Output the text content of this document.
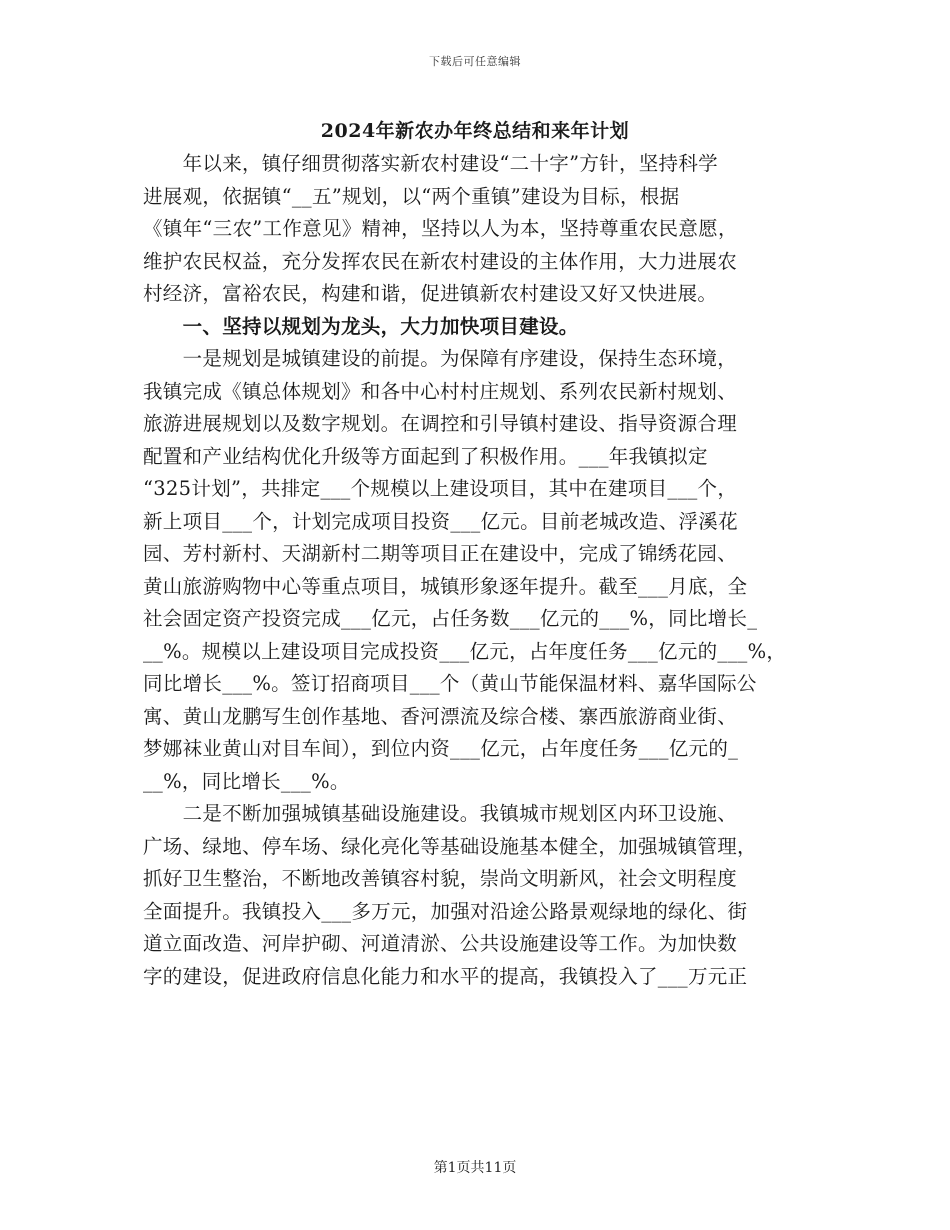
下载后可任意编辑
2024年新农办年终总结和来年计划
　　年以来，镇仔细贯彻落实新农村建设“二十字”方针，坚持科学
进展观，依据镇“__五”规划，以“两个重镇”建设为目标，根据
《镇年“三农”工作意见》精神，坚持以人为本，坚持尊重农民意愿，
维护农民权益，充分发挥农民在新农村建设的主体作用，大力进展农
村经济，富裕农民，构建和谐，促进镇新农村建设又好又快进展。
　　一、坚持以规划为龙头，大力加快项目建设。
　　一是规划是城镇建设的前提。为保障有序建设，保持生态环境，
我镇完成《镇总体规划》和各中心村村庄规划、系列农民新村规划、
旅游进展规划以及数字规划。在调控和引导镇村建设、指导资源合理
配置和产业结构优化升级等方面起到了积极作用。___年我镇拟定
“325计划”，共排定___个规模以上建设项目，其中在建项目___个，
新上项目___个，计划完成项目投资___亿元。目前老城改造、浮溪花
园、芳村新村、天湖新村二期等项目正在建设中，完成了锦绣花园、
黄山旅游购物中心等重点项目，城镇形象逐年提升。截至___月底，全
社会固定资产投资完成___亿元，占任务数___亿元的___%，同比增长_
__%。规模以上建设项目完成投资___亿元，占年度任务___亿元的___%，
同比增长___%。签订招商项目___个（黄山节能保温材料、嘉华国际公
寓、黄山龙鹏写生创作基地、香河漂流及综合楼、寨西旅游商业街、
梦娜袜业黄山对目车间），到位内资___亿元，占年度任务___亿元的_
__%，同比增长___%。
　　二是不断加强城镇基础设施建设。我镇城市规划区内环卫设施、
广场、绿地、停车场、绿化亮化等基础设施基本健全，加强城镇管理，
抓好卫生整治，不断地改善镇容村貌，崇尚文明新风，社会文明程度
全面提升。我镇投入___多万元，加强对沿途公路景观绿地的绿化、街
道立面改造、河岸护砌、河道清淤、公共设施建设等工作。为加快数
字的建设，促进政府信息化能力和水平的提高，我镇投入了___万元正
第1页共11页
